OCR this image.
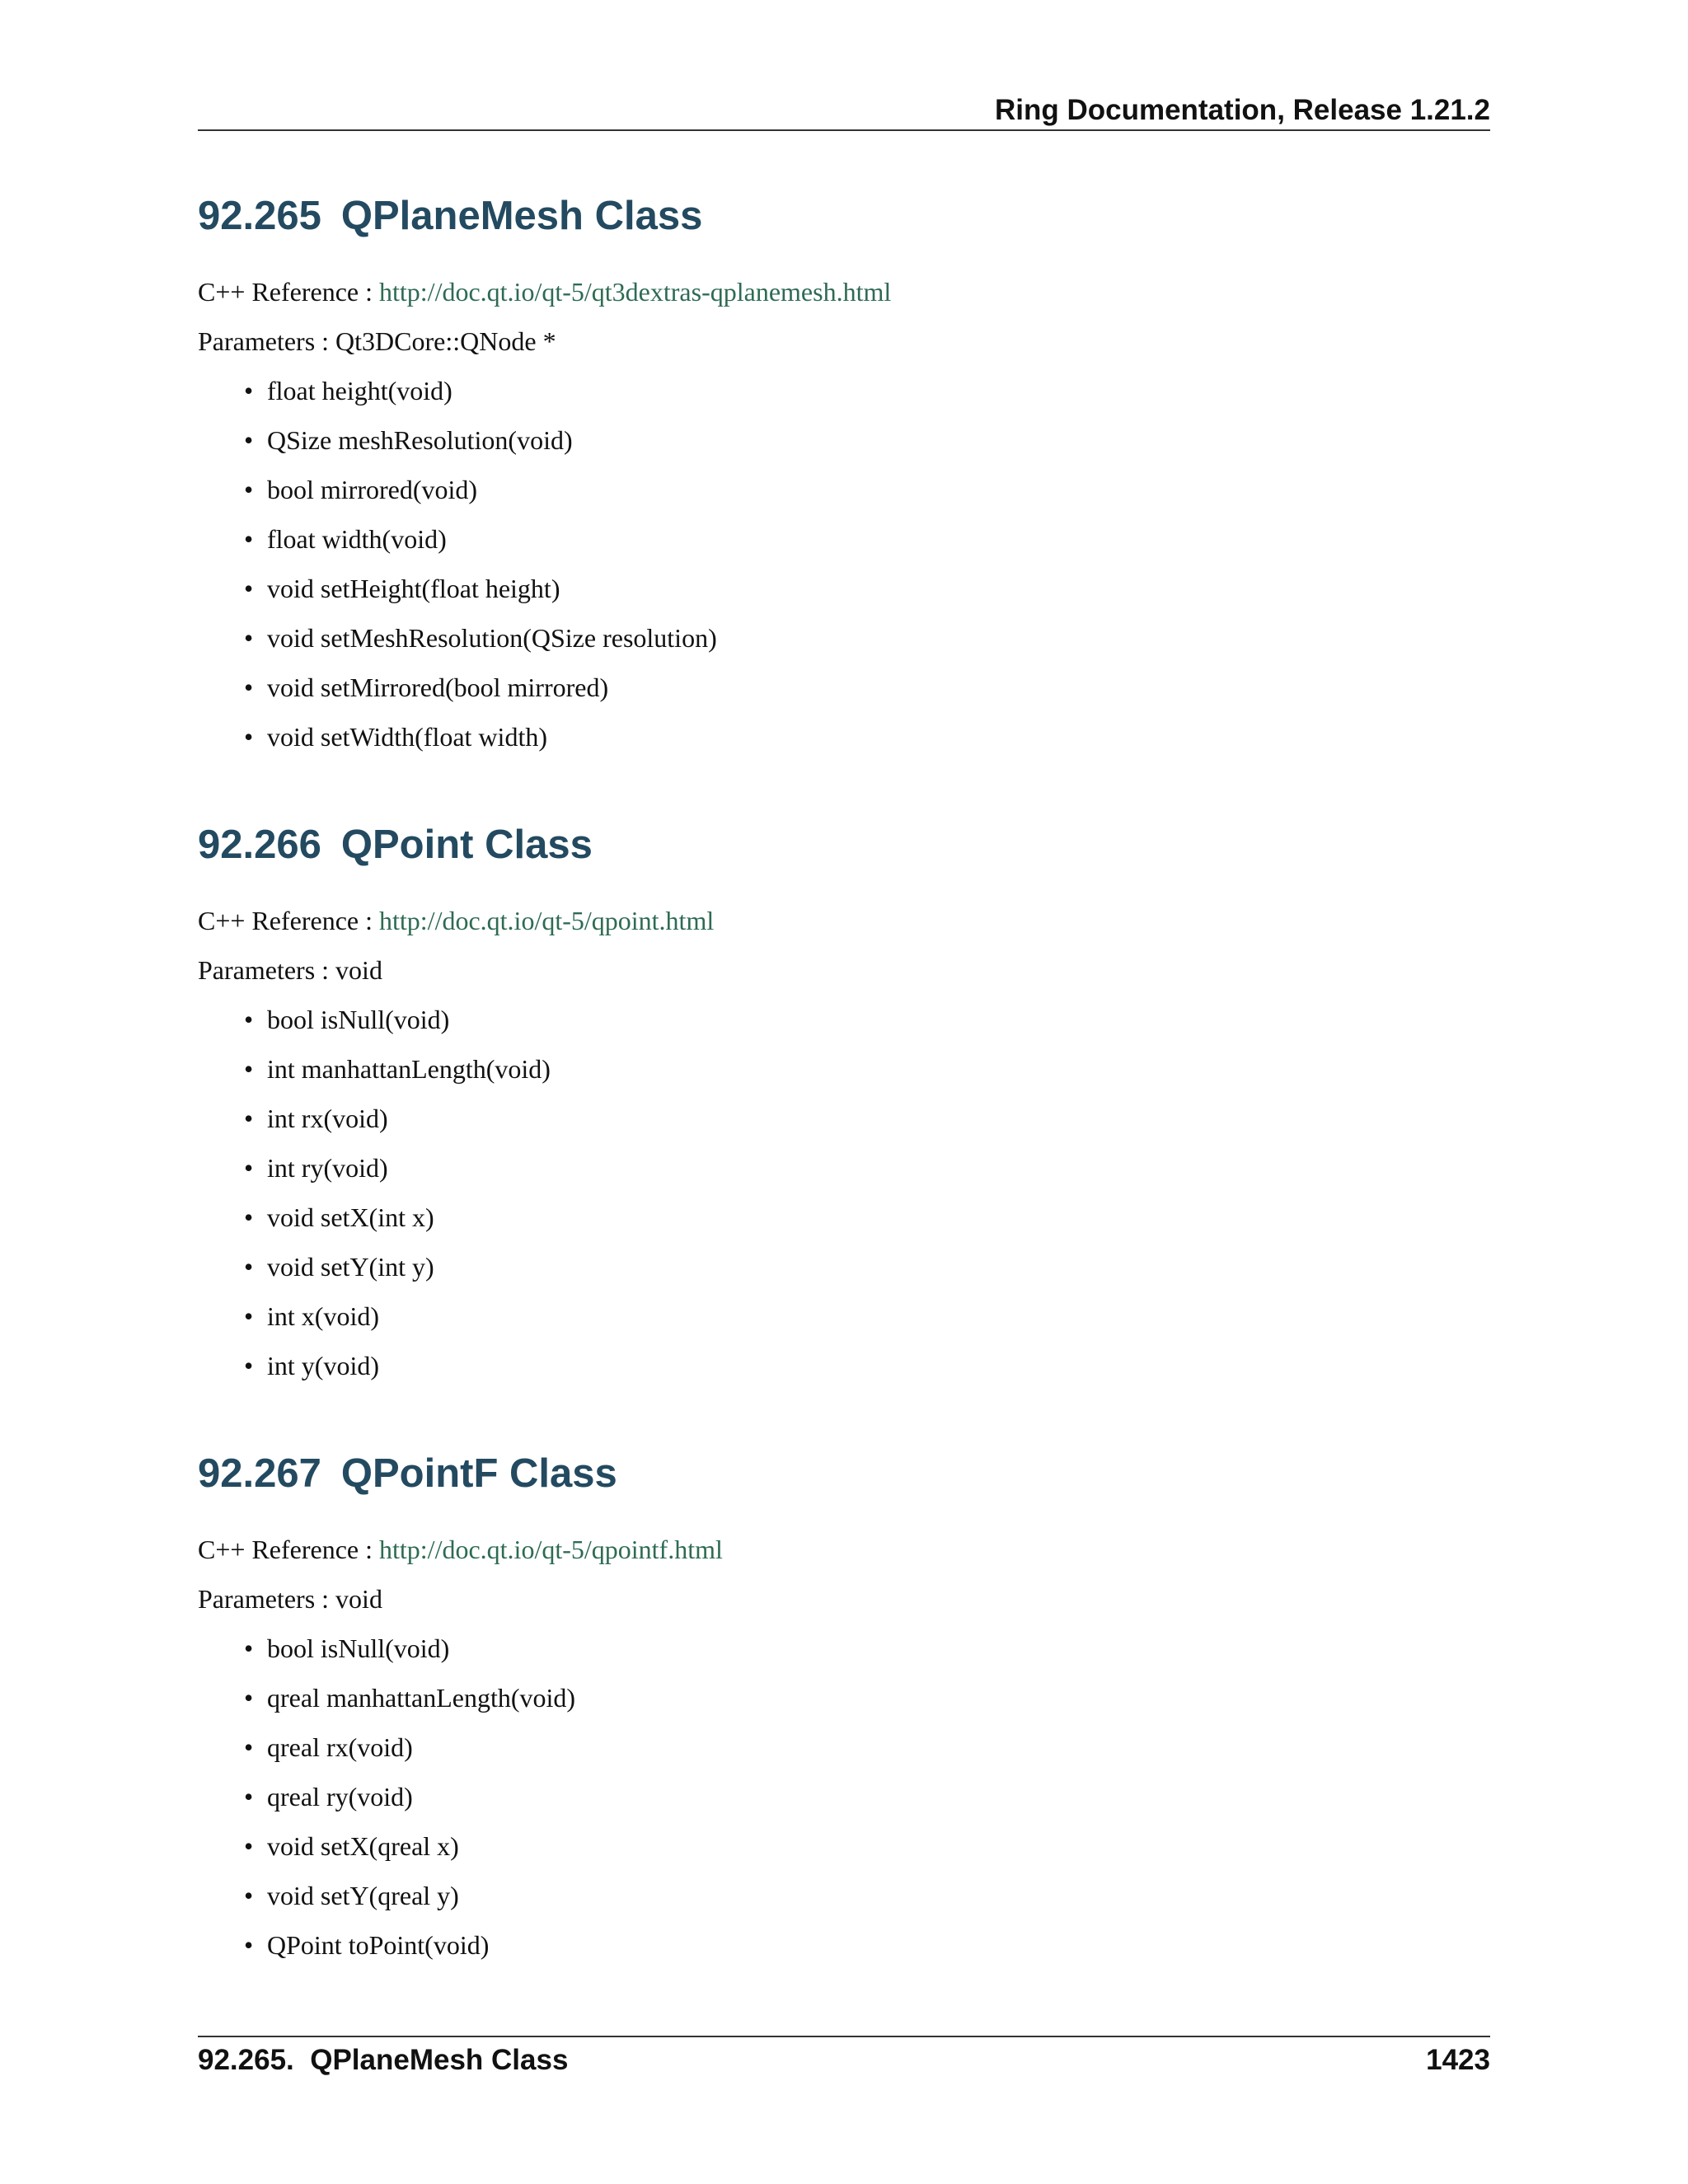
Ring Documentation, Release 1.21.2
92.265 QPlaneMesh Class
C++ Reference : http://doc.qt.io/qt-5/qt3dextras-qplanemesh.html
Parameters : Qt3DCore::QNode *
• float height(void)
• QSize meshResolution(void)
• bool mirrored(void)
• float width(void)
• void setHeight(float height)
• void setMeshResolution(QSize resolution)
• void setMirrored(bool mirrored)
• void setWidth(float width)
92.266 QPoint Class
C++ Reference : http://doc.qt.io/qt-5/qpoint.html
Parameters : void
• bool isNull(void)
• int manhattanLength(void)
• int rx(void)
• int ry(void)
• void setX(int x)
• void setY(int y)
• int x(void)
• int y(void)
92.267 QPointF Class
C++ Reference : http://doc.qt.io/qt-5/qpointf.html
Parameters : void
• bool isNull(void)
• qreal manhattanLength(void)
• qreal rx(void)
• qreal ry(void)
• void setX(qreal x)
• void setY(qreal y)
• QPoint toPoint(void)
92.265.  QPlaneMesh Class	1423
